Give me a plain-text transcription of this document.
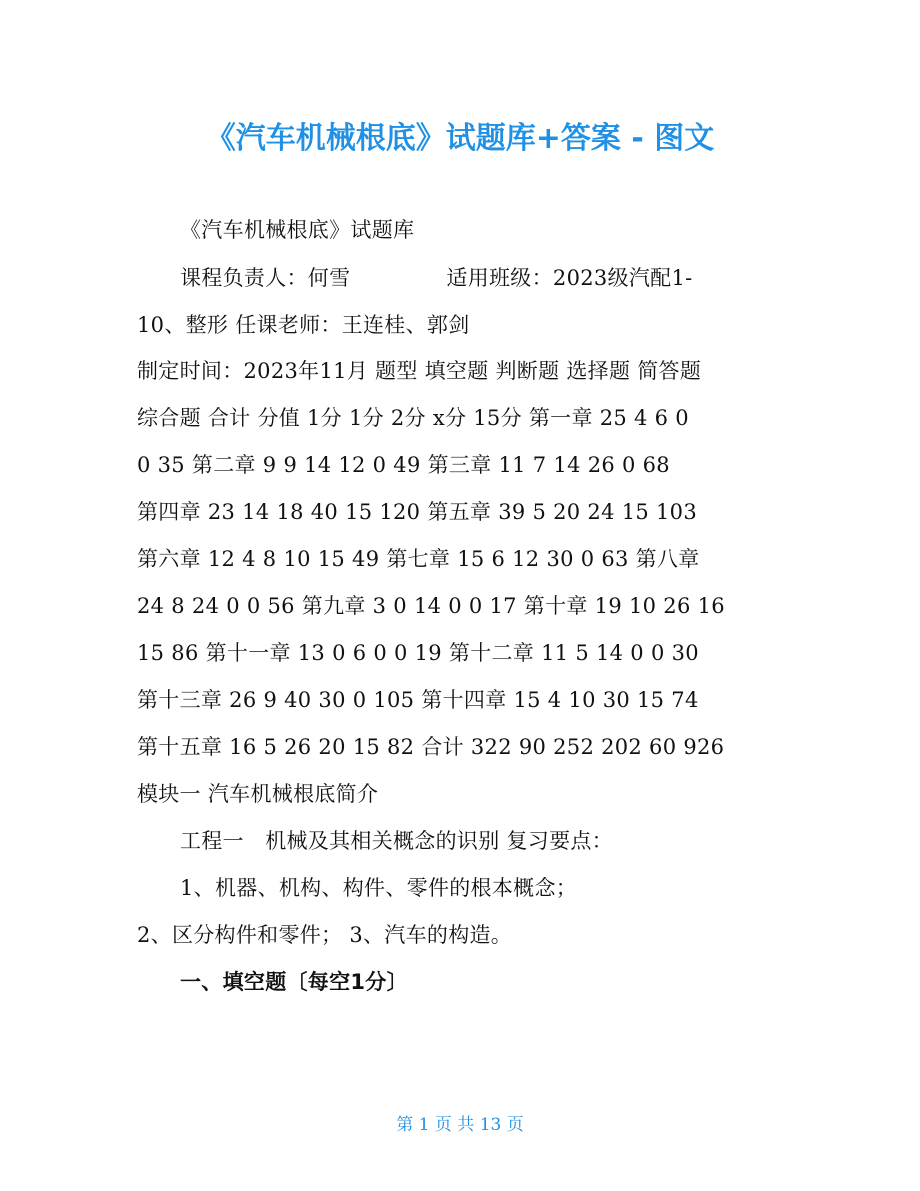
《汽车机械根底》试题库+答案 - 图文
《汽车机械根底》试题库
课程负责人：何雪	适用班级：2023级汽配1-
10、整形 任课老师：王连桂、郭剑
制定时间：2023年11月 题型 填空题 判断题 选择题 简答题
综合题 合计 分值 1分 1分 2分 x分 15分 第一章 25 4 6 0
0 35 第二章 9 9 14 12 0 49 第三章 11 7 14 26 0 68
第四章 23 14 18 40 15 120 第五章 39 5 20 24 15 103
第六章 12 4 8 10 15 49 第七章 15 6 12 30 0 63 第八章
24 8 24 0 0 56 第九章 3 0 14 0 0 17 第十章 19 10 26 16
15 86 第十一章 13 0 6 0 0 19 第十二章 11 5 14 0 0 30
第十三章 26 9 40 30 0 105 第十四章 15 4 10 30 15 74
第十五章 16 5 26 20 15 82 合计 322 90 252 202 60 926
模块一 汽车机械根底简介
工程一　机械及其相关概念的识别 复习要点：
1、机器、机构、构件、零件的根本概念；
2、区分构件和零件； 3、汽车的构造。
一、填空题〔每空1分〕
第 1 页 共 13 页
